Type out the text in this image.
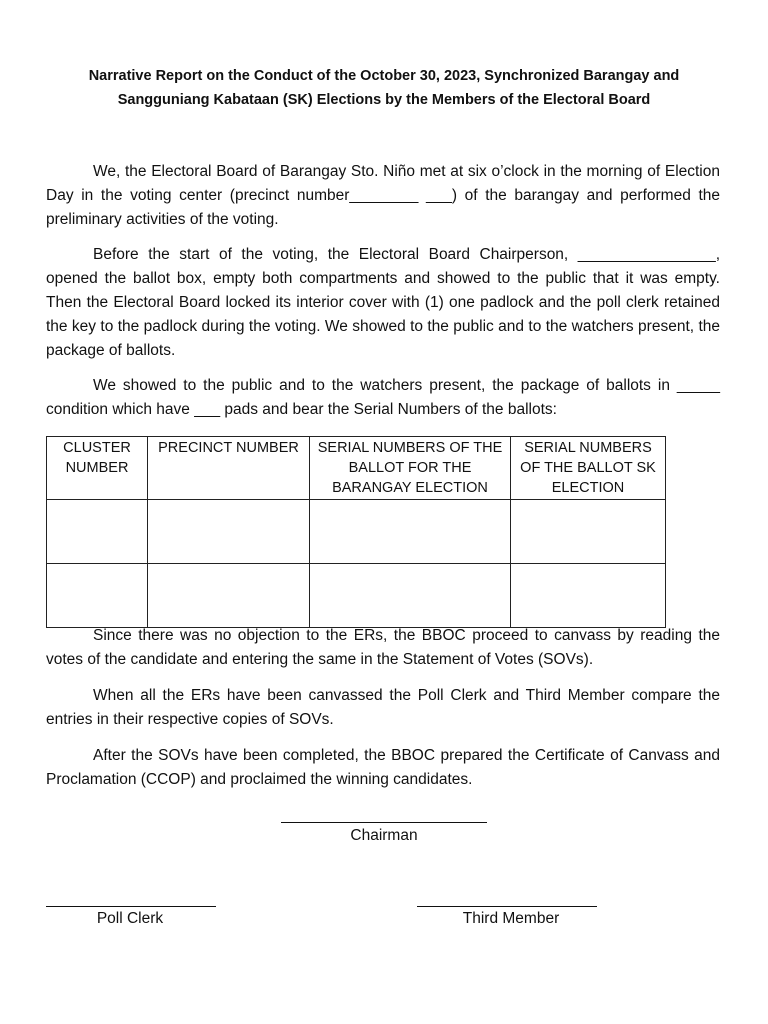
Narrative Report on the Conduct of the October 30, 2023, Synchronized Barangay and
Sangguniang Kabataan (SK) Elections by the Members of the Electoral Board

We, the Electoral Board of Barangay Sto. Niño met at six o’clock in the morning of Election Day in the voting center (precinct number________ ___) of the barangay and performed the preliminary activities of the voting.

Before the start of the voting, the Electoral Board Chairperson, ________________, opened the ballot box, empty both compartments and showed to the public that it was empty. Then the Electoral Board locked its interior cover with (1) one padlock and the poll clerk retained the key to the padlock during the voting. We showed to the public and to the watchers present, the package of ballots.

We showed to the public and to the watchers present, the package of ballots in _____ condition which have ___ pads and bear the Serial Numbers of the ballots:

CLUSTER NUMBER	PRECINCT NUMBER	SERIAL NUMBERS OF THE BALLOT FOR THE BARANGAY ELECTION	SERIAL NUMBERS OF THE BALLOT SK ELECTION

Since there was no objection to the ERs, the BBOC proceed to canvass by reading the votes of the candidate and entering the same in the Statement of Votes (SOVs).

When all the ERs have been canvassed the Poll Clerk and Third Member compare the entries in their respective copies of SOVs.

After the SOVs have been completed, the BBOC prepared the Certificate of Canvass and Proclamation (CCOP) and proclaimed the winning candidates.

Chairman
Poll Clerk	Third Member
